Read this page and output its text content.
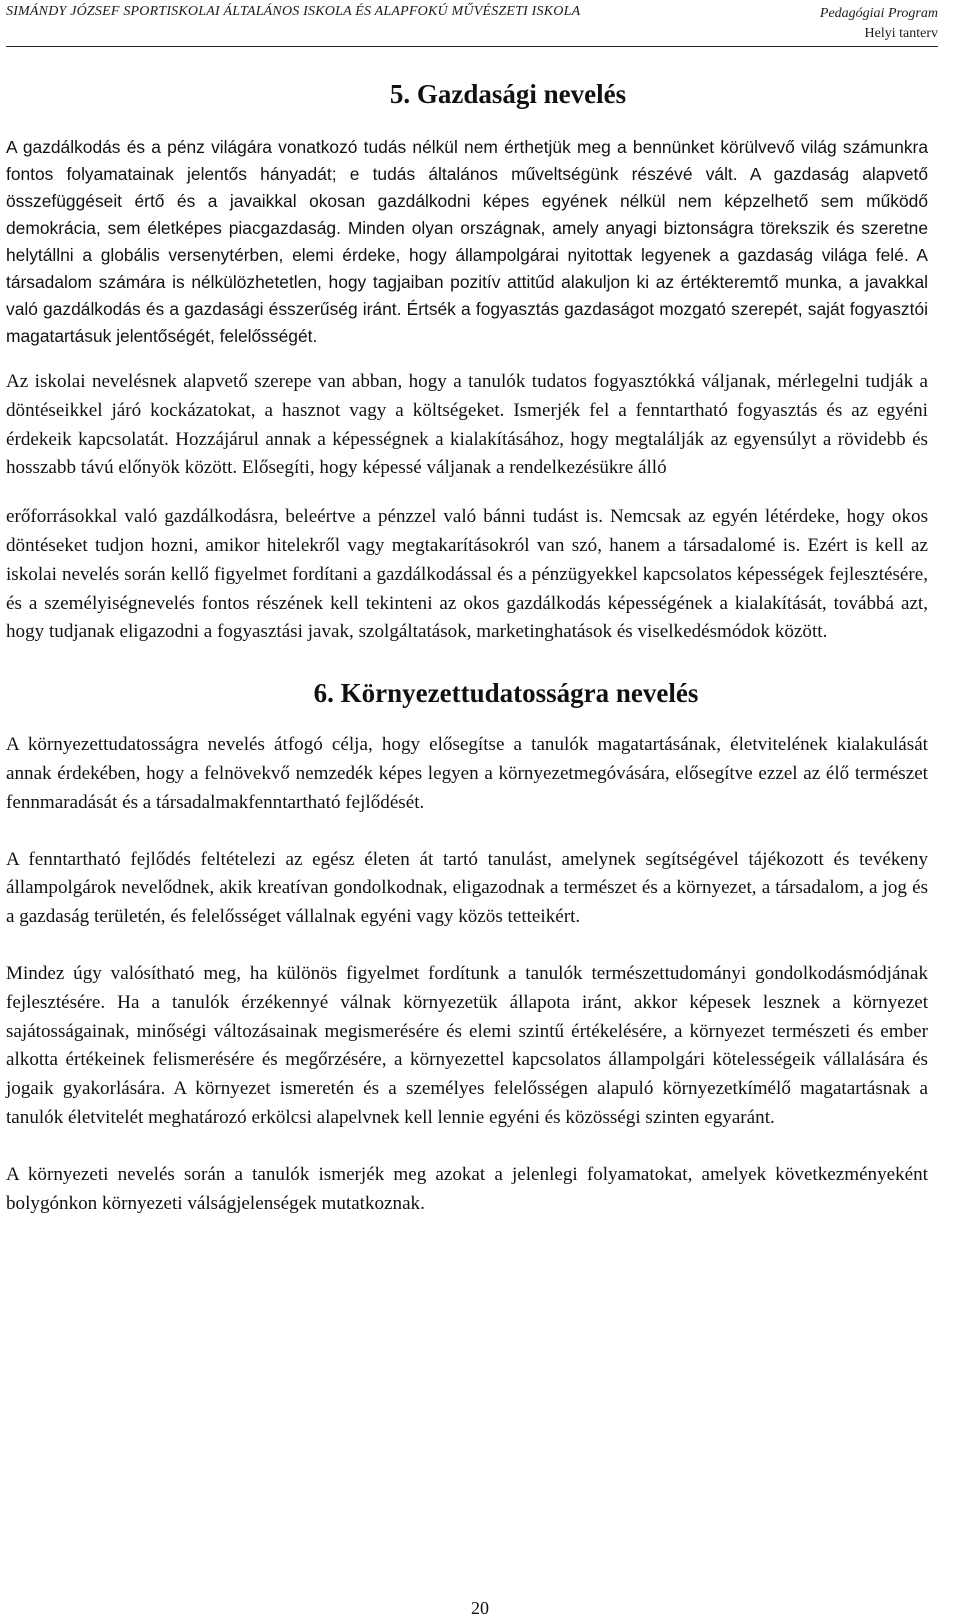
SIMÁNDY JÓZSEF SPORTISKOLAI ÁLTALÁNOS ISKOLA ÉS ALAPFOKÚ MŰVÉSZETI ISKOLA	Pedagógiai Program
Helyi tanterv
5. Gazdasági nevelés

A gazdálkodás és a pénz világára vonatkozó tudás nélkül nem érthetjük meg a bennünket körülvevő világ számunkra fontos folyamatainak jelentős hányadát; e tudás általános műveltségünk részévé vált. A gazdaság alapvető összefüggéseit értő és a javaikkal okosan gazdálkodni képes egyének nélkül nem képzelhető sem működő demokrácia, sem életképes piacgazdaság. Minden olyan országnak, amely anyagi biztonságra törekszik és szeretne helytállni a globális versenytérben, elemi érdeke, hogy állampolgárai nyitottak legyenek a gazdaság világa felé. A társadalom számára is nélkülözhetetlen, hogy tagjaiban pozitív attitűd alakuljon ki az értékteremtő munka, a javakkal való gazdálkodás és a gazdasági ésszerűség iránt. Értsék a fogyasztás gazdaságot mozgató szerepét, saját fogyasztói magatartásuk jelentőségét, felelősségét.

Az iskolai nevelésnek alapvető szerepe van abban, hogy a tanulók tudatos fogyasztókká váljanak, mérlegelni tudják a döntéseikkel járó kockázatokat, a hasznot vagy a költségeket. Ismerjék fel a fenntartható fogyasztás és az egyéni érdekeik kapcsolatát. Hozzájárul annak a képességnek a kialakításához, hogy megtalálják az egyensúlyt a rövidebb és hosszabb távú előnyök között. Elősegíti, hogy képessé váljanak a rendelkezésükre álló

erőforrásokkal való gazdálkodásra, beleértve a pénzzel való bánni tudást is. Nemcsak az egyén létérdeke, hogy okos döntéseket tudjon hozni, amikor hitelekről vagy megtakarításokról van szó, hanem a társadalomé is. Ezért is kell az iskolai nevelés során kellő figyelmet fordítani a gazdálkodással és a pénzügyekkel kapcsolatos képességek fejlesztésére, és a személyiségnevelés fontos részének kell tekinteni az okos gazdálkodás képességének a kialakítását, továbbá azt, hogy tudjanak eligazodni a fogyasztási javak, szolgáltatások, marketinghatások és viselkedésmódok között.

6. Környezettudatosságra nevelés

A környezettudatosságra nevelés átfogó célja, hogy elősegítse a tanulók magatartásának, életvitelének kialakulását annak érdekében, hogy a felnövekvő nemzedék képes legyen a környezetmegóvására, elősegítve ezzel az élő természet fennmaradását és a társadalmakfenntartható fejlődését.

A fenntartható fejlődés feltételezi az egész életen át tartó tanulást, amelynek segítségével tájékozott és tevékeny állampolgárok nevelődnek, akik kreatívan gondolkodnak, eligazodnak a természet és a környezet, a társadalom, a jog és a gazdaság területén, és felelősséget vállalnak egyéni vagy közös tetteikért.

Mindez úgy valósítható meg, ha különös figyelmet fordítunk a tanulók természettudományi gondolkodásmódjának fejlesztésére. Ha a tanulók érzékennyé válnak környezetük állapota iránt, akkor képesek lesznek a környezet sajátosságainak, minőségi változásainak megismerésére és elemi szintű értékelésére, a környezet természeti és ember alkotta értékeinek felismerésére és megőrzésére, a környezettel kapcsolatos állampolgári kötelességeik vállalására és jogaik gyakorlására. A környezet ismeretén és a személyes felelősségen alapuló környezetkímélő magatartásnak a tanulók életvitelét meghatározó erkölcsi alapelvnek kell lennie egyéni és közösségi szinten egyaránt.

A környezeti nevelés során a tanulók ismerjék meg azokat a jelenlegi folyamatokat, amelyek következményeként bolygónkon környezeti válságjelenségek mutatkoznak.

20
